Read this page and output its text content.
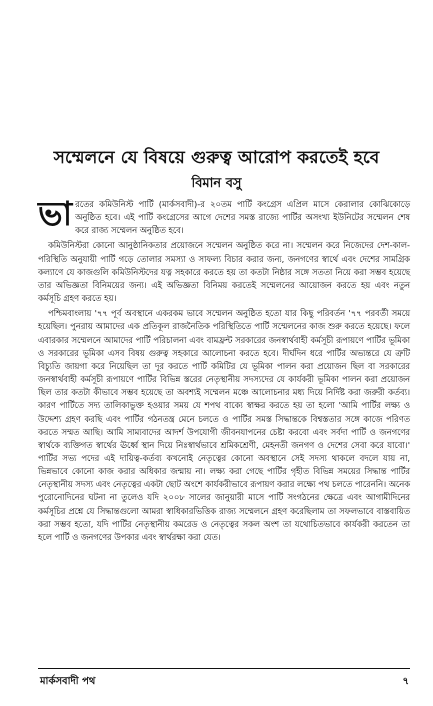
সম্মেলনে যে বিষয়ে গুরুত্ব আরোপ করতেই হবে
বিমান বসু

ভারতের কমিউনিস্ট পার্টি (মার্কসবাদী)-র ২০তম পার্টি কংগ্রেস এপ্রিল মাসে কেরালার কোঝিকোড়ে অনুষ্ঠিত হবে। এই পার্টি কংগ্রেসের আগে দেশের সমস্ত রাজ্যে পার্টির অসংখ্য ইউনিটের সম্মেলন শেষ করে রাজ্য সম্মেলন অনুষ্ঠিত হবে।

কমিউনিস্টরা কোনো আনুষ্ঠানিকতার প্রয়োজনে সম্মেলন অনুষ্ঠিত করে না। সম্মেলন করে নিজেদের দেশ-কাল-পরিস্থিতি অনুযায়ী পার্টি গড়ে তোলার সমস্যা ও সাফল্য বিচার করার জন্য, জনগণের স্বার্থে এবং দেশের সামগ্রিক কল্যাণে যে কাজগুলি কমিউনিস্টদের যত্ন সহকারে করতে হয় তা কতটা নিষ্ঠার সঙ্গে সততা নিয়ে করা সম্ভব হয়েছে তার অভিজ্ঞতা বিনিময়ের জন্য। এই অভিজ্ঞতা বিনিময় করতেই সম্মেলনের আয়োজন করতে হয় এবং নতুন কর্মসূচি গ্রহণ করতে হয়।

পশ্চিমবাংলায় '৭৭ পূর্ব অবস্থানে একরকম ভাবে সম্মেলন অনুষ্ঠিত হতো যার কিছু পরিবর্তন '৭৭ পরবর্তী সময়ে হয়েছিল। পুনরায় আমাদের এক প্রতিকূল রাজনৈতিক পরিস্থিতিতে পার্টি সম্মেলনের কাজ শুরু করতে হয়েছে। ফলে এবারকার সম্মেলনে আমাদের পার্টি পরিচালনা এবং বামফ্রন্ট সরকারের জনস্বার্থবাহী কর্মসূচী রূপায়ণে পার্টির ভূমিকা ও সরকারের ভূমিকা এসব বিষয় গুরুত্ব সহকারে আলোচনা করতে হবে। দীর্ঘদিন ধরে পার্টির অভ্যন্তরে যে ত্রুটি বিচ্যুতি জায়গা করে নিয়েছিল তা দূর করতে পার্টি কমিটির যে ভূমিকা পালন করা প্রয়োজন ছিল বা সরকারের জনস্বার্থবাহী কর্মসূচী রূপায়ণে পার্টির বিভিন্ন স্তরের নেতৃস্থানীয় সদস্যদের যে কার্যকরী ভূমিকা পালন করা প্রয়োজন ছিল তার কতটা কীভাবে সম্ভব হয়েছে তা অবশ্যই সম্মেলন মঞ্চে আলোচনার মধ্য দিয়ে নির্দিষ্ট করা জরুরী কর্তব্য। কারণ পার্টিতে সদ্য তালিকাভুক্ত হওয়ার সময় যে শপথ বাক্যে স্বাক্ষর করতে হয় তা হলো 'আমি পার্টির লক্ষ্য ও উদ্দেশ্য গ্রহণ করছি এবং পার্টির গঠনতন্ত্র মেনে চলতে ও পার্টির সমস্ত সিদ্ধান্তকে বিশ্বস্ততার সঙ্গে কাজে পরিণত করতে সম্মত আছি। আমি সাম্যবাদের আদর্শ উপযোগী জীবনযাপনের চেষ্টা করবো এবং সর্বদা পার্টি ও জনগণের স্বার্থকে ব্যক্তিগত স্বার্থের ঊর্ধ্বে স্থান দিয়ে নিঃস্বার্থভাবে শ্রমিকশ্রেণী, মেহনতী জনগণ ও দেশের সেবা করে যাবো।' পার্টির সভ্য পদের এই দায়িত্ব-কর্তব্য কখনোই নেতৃত্বের কোনো অবস্থানে সেই সদস্য থাকলে বদলে যায় না, ভিন্নভাবে কোনো কাজ করার অধিকার জন্মায় না। লক্ষ্য করা গেছে পার্টির গৃহীত বিভিন্ন সময়ের সিদ্ধান্ত পার্টির নেতৃস্থানীয় সদস্য এবং নেতৃত্বের একটা ছোট অংশে কার্যকরীভাবে রূপায়ণ করার লক্ষ্যে পথ চলতে পারেননি। অনেক পুরোনোদিনের ঘটনা না তুলেও যদি ২০০৮ সালের জানুয়ারী মাসে পার্টি সংগঠনের ক্ষেত্রে এবং আগামীদিনের কর্মসূচির প্রশ্নে যে সিদ্ধান্তগুলো আমরা স্বাধিকারভিত্তিক রাজ্য সম্মেলনে গ্রহণ করেছিলাম তা সফলভাবে বাস্তবায়িত করা সম্ভব হতো, যদি পার্টির নেতৃস্থানীয় কমরেড ও নেতৃত্বের সকল অংশ তা যথোচিতভাবে কার্যকরী করতেন তা হলে পার্টি ও জনগণের উপকার এবং স্বার্থরক্ষা করা যেত।

মার্কসবাদী পথ	৭
